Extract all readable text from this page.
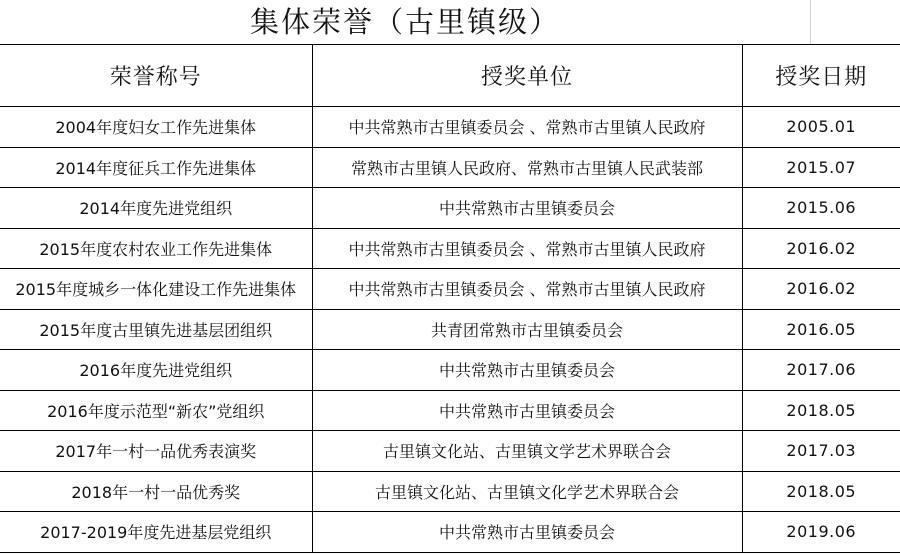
集体荣誉（古里镇级）
荣誉称号	授奖单位	授奖日期
2004年度妇女工作先进集体	中共常熟市古里镇委员会 、常熟市古里镇人民政府	2005.01
2014年度征兵工作先进集体	常熟市古里镇人民政府、常熟市古里镇人民武装部	2015.07
2014年度先进党组织	中共常熟市古里镇委员会	2015.06
2015年度农村农业工作先进集体	中共常熟市古里镇委员会 、常熟市古里镇人民政府	2016.02
2015年度城乡一体化建设工作先进集体	中共常熟市古里镇委员会 、常熟市古里镇人民政府	2016.02
2015年度古里镇先进基层团组织	共青团常熟市古里镇委员会	2016.05
2016年度先进党组织	中共常熟市古里镇委员会	2017.06
2016年度示范型“新农”党组织	中共常熟市古里镇委员会	2018.05
2017年一村一品优秀表演奖	古里镇文化站、古里镇文学艺术界联合会	2017.03
2018年一村一品优秀奖	古里镇文化站、古里镇文化学艺术界联合会	2018.05
2017-2019年度先进基层党组织	中共常熟市古里镇委员会	2019.06
